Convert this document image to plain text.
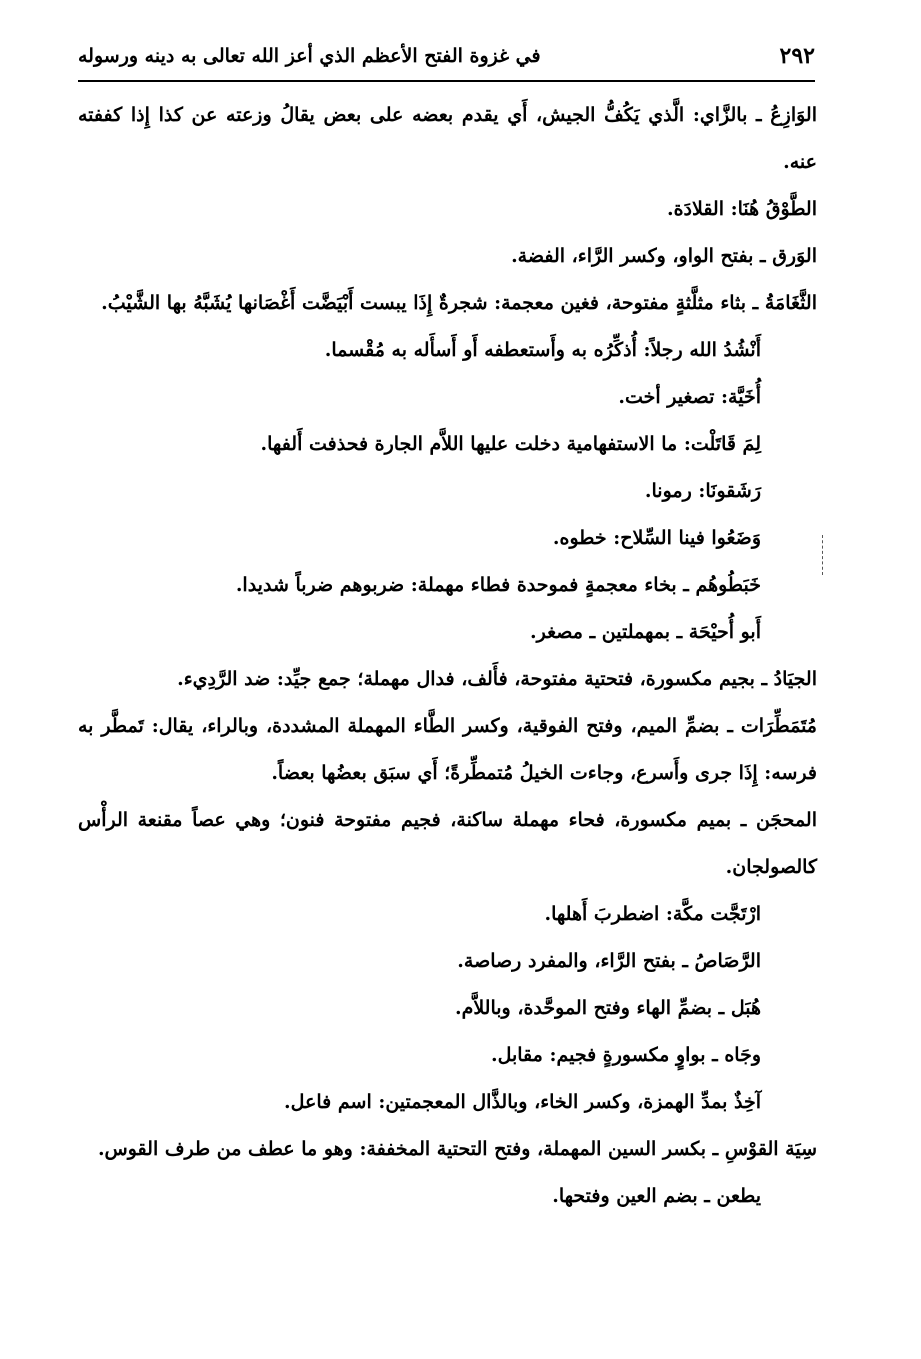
٢٩٢
في غزوة الفتح الأعظم الذي أعز الله تعالى به دينه ورسوله

الوَازِعُ ـ بالزَّاي: الَّذي يَكُفُّ الجيش، أَي يقدم بعضه على بعض يقالُ وزعته عن كذا إِذا كففته عنه.

الطَّوْقُ هُنَا: القلادَة.

الوَرق ـ بفتح الواو، وكسر الرَّاء، الفضة.

الثَّغَامَةُ ـ بثاء مثلَّثةٍ مفتوحة، فغين معجمة: شجرةٌ إِذَا يبست أَبْيَضَّت أَغْصَانها يُشَبَّهُ بها الشَّيْبُ.

أَنْشُدُ الله رجلاً: أُذكِّرُه به وأَستعطفه أَو أَسأَله به مُقْسما.

أُخَيَّة: تصغير أخت.

لِمَ قَاتَلْت: ما الاستفهامية دخلت عليها اللاَّم الجارة فحذفت أَلفها.

رَشَقونَا: رمونا.

وَضَعُوا فينا السِّلاح: خطوه.

خَبَطُوهُم ـ بخاء معجمةٍ فموحدة فطاء مهملة: ضربوهم ضرباً شديدا.

أَبو أُحيْحَة ـ بمهملتين ـ مصغر.

الجيَادُ ـ بجيم مكسورة، فتحتية مفتوحة، فأَلف، فدال مهملة؛ جمع جيِّد: ضد الرَّدِيء.

مُتَمَطِّرَات ـ بضمِّ الميم، وفتح الفوقية، وكسر الطَّاء المهملة المشددة، وبالراء، يقال: تَمطَّر به فرسه: إِذَا جرى وأَسرع، وجاءت الخيلُ مُتمطِّرةً؛ أَي سبَق بعضُها بعضاً.

المحجَن ـ بميم مكسورة، فحاء مهملة ساكنة، فجيم مفتوحة فنون؛ وهي عصاً مقنعة الرأْس كالصولجان.

ارْتَجَّت مكَّة: اضطربَ أَهلها.

الرَّصَاصُ ـ بفتح الرَّاء، والمفرد رصاصة.

هُبَل ـ بضمِّ الهاء وفتح الموحَّدة، وباللاَّم.

وجَاه ـ بواوٍ مكسورةٍ فجيم: مقابل.

آخِذٌ بمدِّ الهمزة، وكسر الخاء، وبالذَّال المعجمتين: اسم فاعل.

سِيَة القوْسِ ـ بكسر السين المهملة، وفتح التحتية المخففة: وهو ما عطف من طرف القوس.

يطعن ـ بضم العين وفتحها.
